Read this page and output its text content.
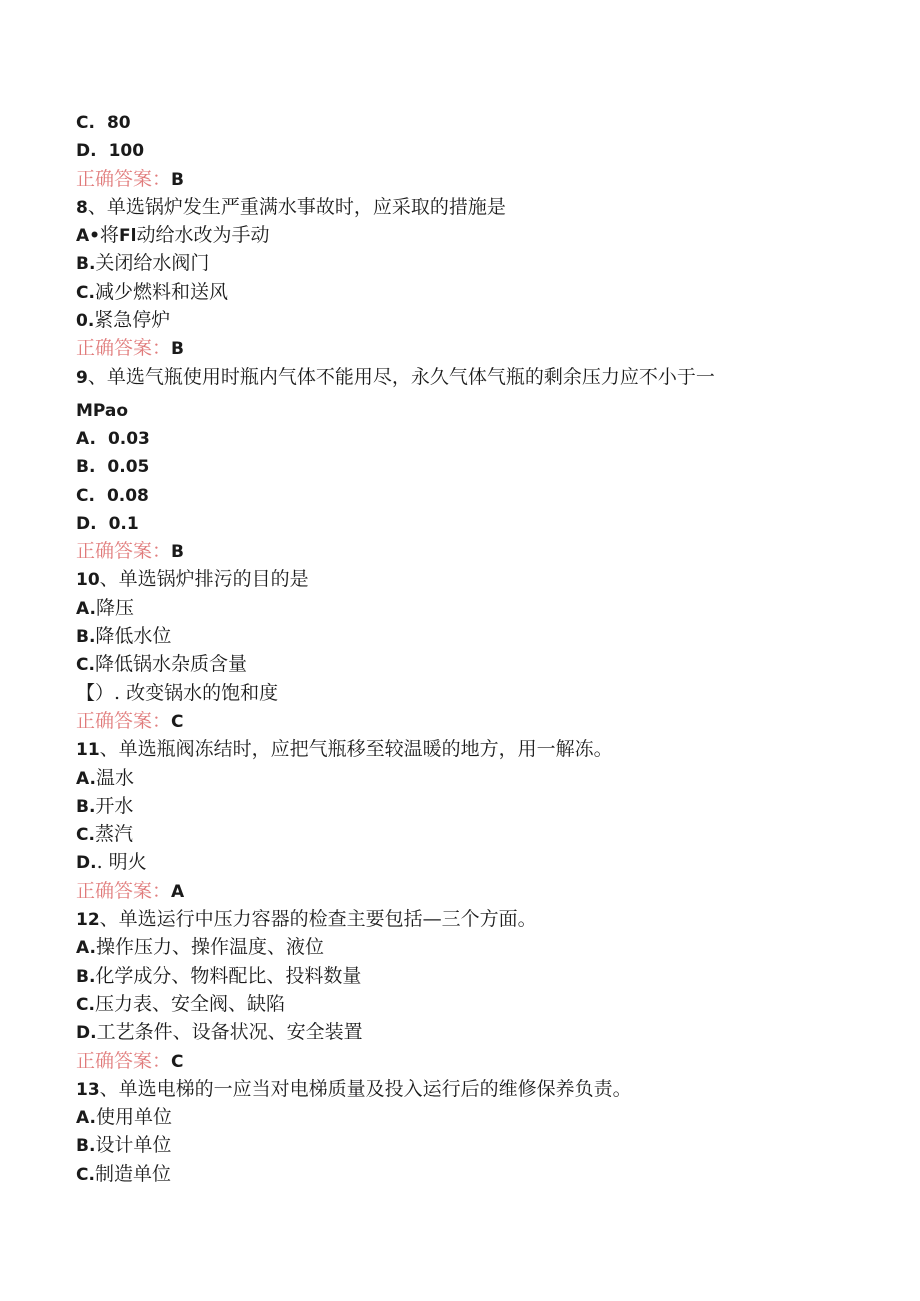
C. 80
D. 100
正确答案：B
8、单选锅炉发生严重满水事故时，应采取的措施是
A•将Fl动给水改为手动
B.关闭给水阀门
C.减少燃料和送风
0.紧急停炉
正确答案：B
9、单选气瓶使用时瓶内气体不能用尽，永久气体气瓶的剩余压力应不小于一
MPao
A. 0.03
B. 0.05
C. 0.08
D. 0.1
正确答案：B
10、单选锅炉排污的目的是
A.降压
B.降低水位
C.降低锅水杂质含量
【）. 改变锅水的饱和度
正确答案：C
11、单选瓶阀冻结时，应把气瓶移至较温暖的地方，用一解冻。
A.温水
B.开水
C.蒸汽
D.. 明火
正确答案：A
12、单选运行中压力容器的检查主要包括—三个方面。
A.操作压力、操作温度、液位
B.化学成分、物料配比、投料数量
C.压力表、安全阀、缺陷
D.工艺条件、设备状况、安全装置
正确答案：C
13、单选电梯的一应当对电梯质量及投入运行后的维修保养负责。
A.使用单位
B.设计单位
C.制造单位
